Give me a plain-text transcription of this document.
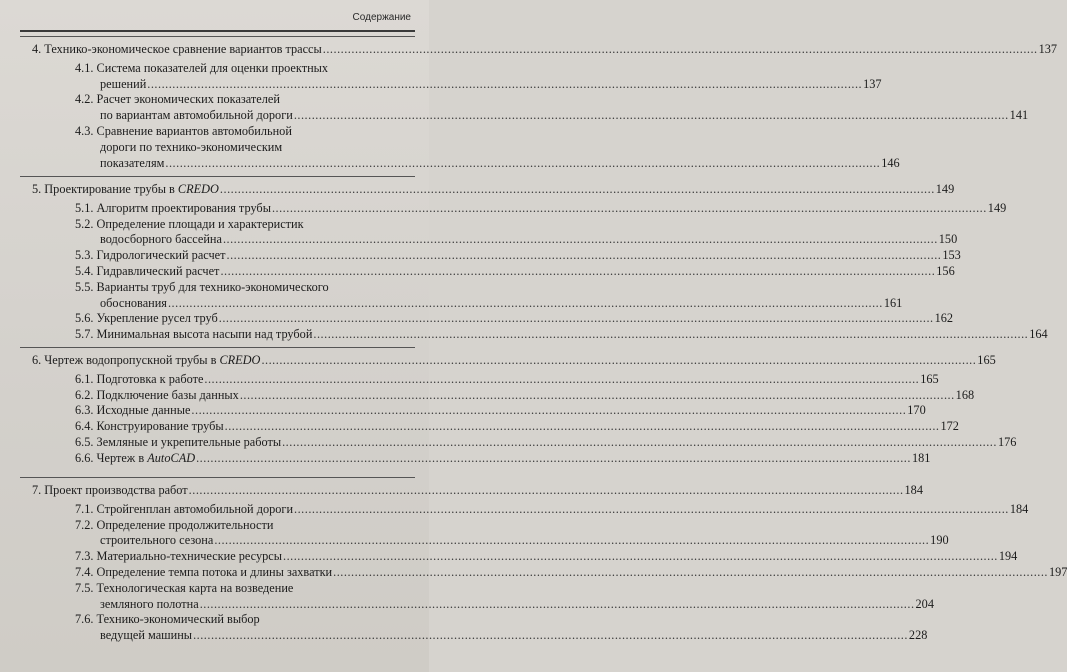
Содержание
4. Технико-экономическое сравнение вариантов трассы ........................................................................................................................................................................................................ 137
4.1. Система показателей для оценки проектных
решений ........................................................................................................................................................................................................ 137
4.2. Расчет экономических показателей
по вариантам автомобильной дороги ........................................................................................................................................................................................................ 141
4.3. Сравнение вариантов автомобильной
дороги по технико-экономическим
показателям ........................................................................................................................................................................................................ 146
5. Проектирование трубы в CREDO ........................................................................................................................................................................................................ 149
5.1. Алгоритм проектирования трубы ........................................................................................................................................................................................................ 149
5.2. Определение площади и характеристик
водосборного бассейна ........................................................................................................................................................................................................ 150
5.3. Гидрологический расчет ........................................................................................................................................................................................................ 153
5.4. Гидравлический расчет ........................................................................................................................................................................................................ 156
5.5. Варианты труб для технико-экономического
обоснования ........................................................................................................................................................................................................ 161
5.6. Укрепление русел труб ........................................................................................................................................................................................................ 162
5.7. Минимальная высота насыпи над трубой ........................................................................................................................................................................................................ 164
6. Чертеж водопропускной трубы в CREDO ........................................................................................................................................................................................................ 165
6.1. Подготовка к работе ........................................................................................................................................................................................................ 165
6.2. Подключение базы данных ........................................................................................................................................................................................................ 168
6.3. Исходные данные ........................................................................................................................................................................................................ 170
6.4. Конструирование трубы ........................................................................................................................................................................................................ 172
6.5. Земляные и укрепительные работы ........................................................................................................................................................................................................ 176
6.6. Чертеж в AutoCAD ........................................................................................................................................................................................................ 181
7. Проект производства работ ........................................................................................................................................................................................................ 184
7.1. Стройгенплан автомобильной дороги ........................................................................................................................................................................................................ 184
7.2. Определение продолжительности
строительного сезона ........................................................................................................................................................................................................ 190
7.3. Материально-технические ресурсы ........................................................................................................................................................................................................ 194
7.4. Определение темпа потока и длины захватки ........................................................................................................................................................................................................ 197
7.5. Технологическая карта на возведение
земляного полотна ........................................................................................................................................................................................................ 204
7.6. Технико-экономический выбор
ведущей машины ........................................................................................................................................................................................................ 228
